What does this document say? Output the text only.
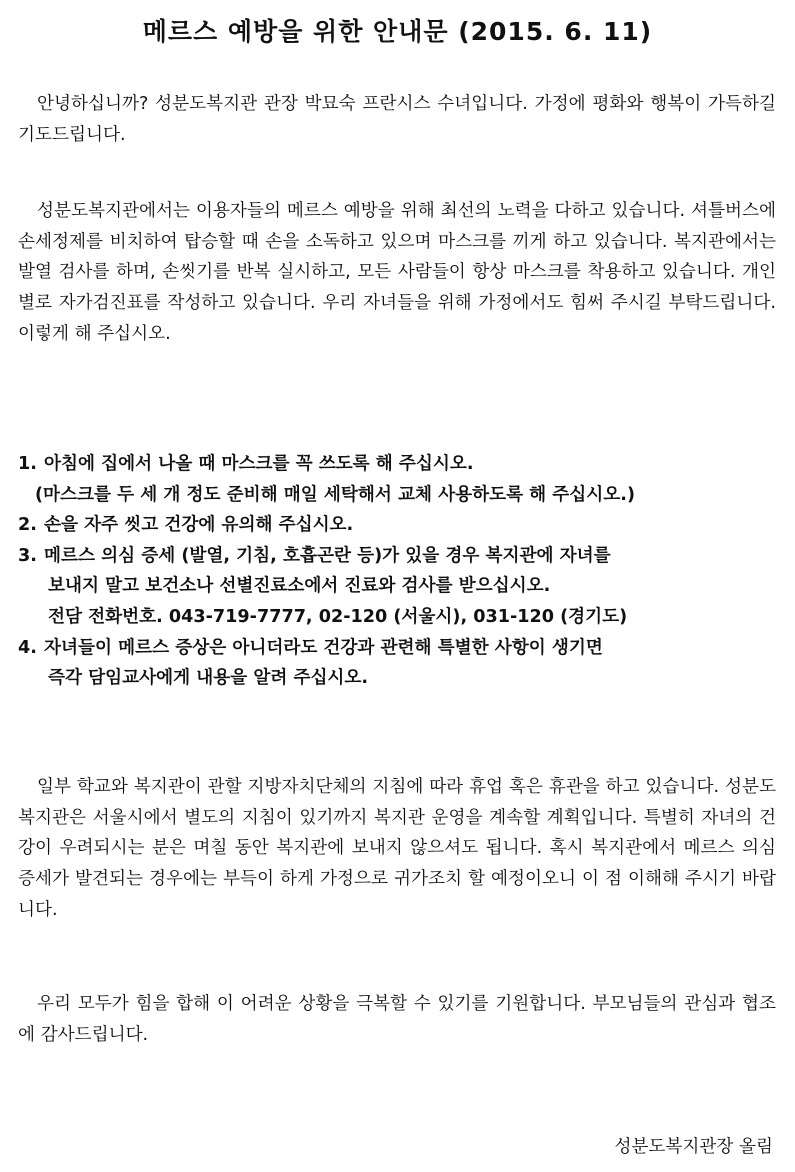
메르스 예방을 위한 안내문 (2015. 6. 11)

안녕하십니까? 성분도복지관 관장 박묘숙 프란시스 수녀입니다. 가정에 평화와 행복이 가득하길 기도드립니다.

성분도복지관에서는 이용자들의 메르스 예방을 위해 최선의 노력을 다하고 있습니다. 셔틀버스에 손세정제를 비치하여 탑승할 때 손을 소독하고 있으며 마스크를 끼게 하고 있습니다. 복지관에서는 발열 검사를 하며, 손씻기를 반복 실시하고, 모든 사람들이 항상 마스크를 착용하고 있습니다. 개인 별로 자가검진표를 작성하고 있습니다. 우리 자녀들을 위해 가정에서도 힘써 주시길 부탁드립니다. 이렇게 해 주십시오.

1. 아침에 집에서 나올 때 마스크를 꼭 쓰도록 해 주십시오.
(마스크를 두 세 개 정도 준비해 매일 세탁해서 교체 사용하도록 해 주십시오.)
2. 손을 자주 씻고 건강에 유의해 주십시오.
3. 메르스 의심 증세 (발열, 기침, 호흡곤란 등)가 있을 경우 복지관에 자녀를
보내지 말고 보건소나 선별진료소에서 진료와 검사를 받으십시오.
전담 전화번호. 043-719-7777, 02-120 (서울시), 031-120 (경기도)
4. 자녀들이 메르스 증상은 아니더라도 건강과 관련해 특별한 사항이 생기면
즉각 담임교사에게 내용을 알려 주십시오.

일부 학교와 복지관이 관할 지방자치단체의 지침에 따라 휴업 혹은 휴관을 하고 있습니다. 성분도복지관은 서울시에서 별도의 지침이 있기까지 복지관 운영을 계속할 계획입니다. 특별히 자녀의 건강이 우려되시는 분은 며칠 동안 복지관에 보내지 않으셔도 됩니다. 혹시 복지관에서 메르스 의심 증세가 발견되는 경우에는 부득이 하게 가정으로 귀가조치 할 예정이오니 이 점 이해해 주시기 바랍니다.

우리 모두가 힘을 합해 이 어려운 상황을 극복할 수 있기를 기원합니다. 부모님들의 관심과 협조에 감사드립니다.

성분도복지관장 올림
